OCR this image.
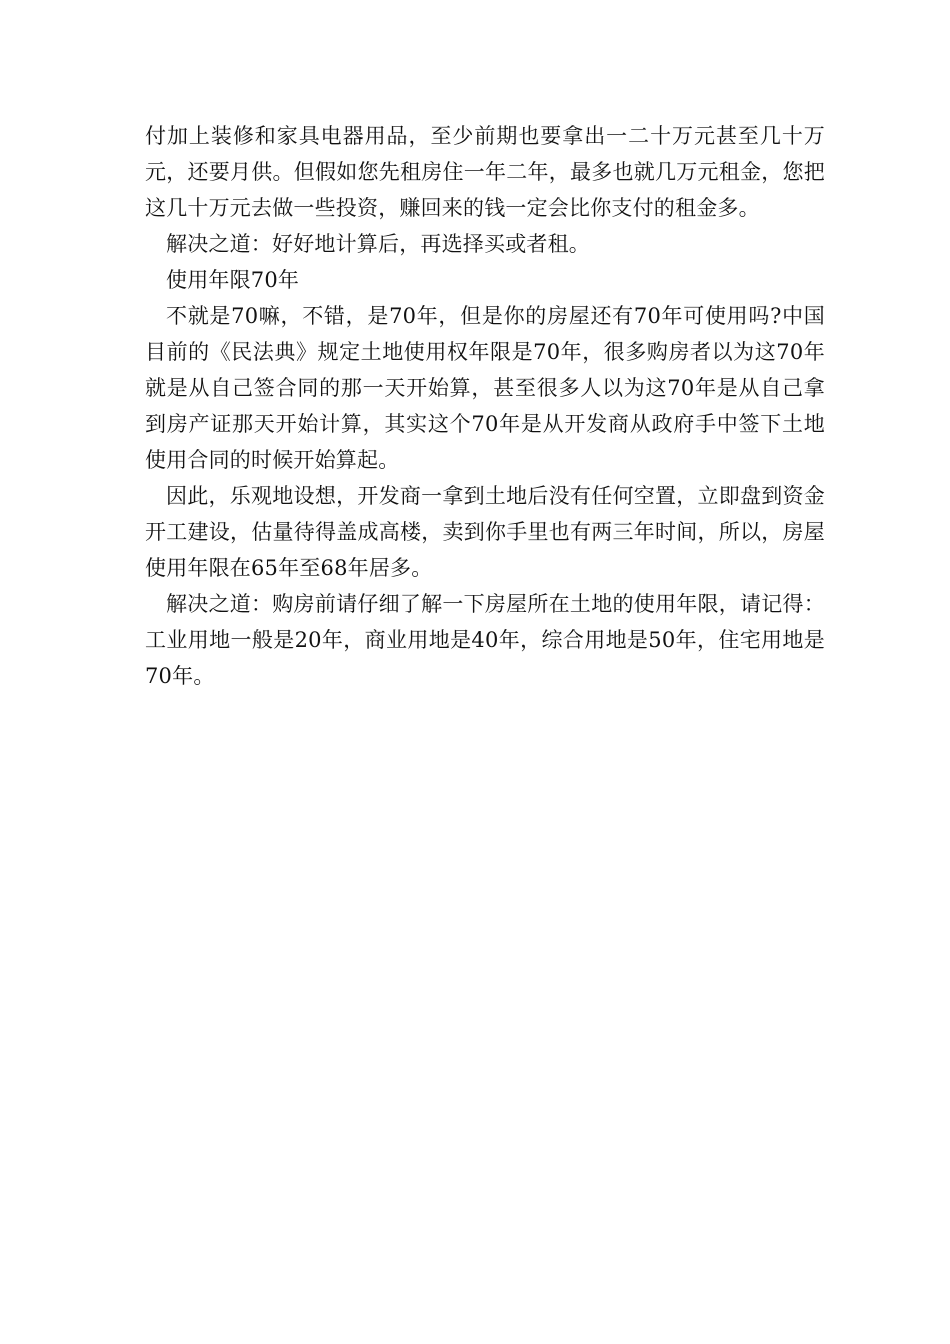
付加上装修和家具电器用品，至少前期也要拿出一二十万元甚至几十万元，还要月供。但假如您先租房住一年二年，最多也就几万元租金，您把这几十万元去做一些投资，赚回来的钱一定会比你支付的租金多。

解决之道：好好地计算后，再选择买或者租。

使用年限70年

不就是70嘛，不错，是70年，但是你的房屋还有70年可使用吗?中国目前的《民法典》规定土地使用权年限是70年，很多购房者以为这70年就是从自己签合同的那一天开始算，甚至很多人以为这70年是从自己拿到房产证那天开始计算，其实这个70年是从开发商从政府手中签下土地使用合同的时候开始算起。

因此，乐观地设想，开发商一拿到土地后没有任何空置，立即盘到资金开工建设，估量待得盖成高楼，卖到你手里也有两三年时间，所以，房屋使用年限在65年至68年居多。

解决之道：购房前请仔细了解一下房屋所在土地的使用年限，请记得：工业用地一般是20年，商业用地是40年，综合用地是50年，住宅用地是70年。
